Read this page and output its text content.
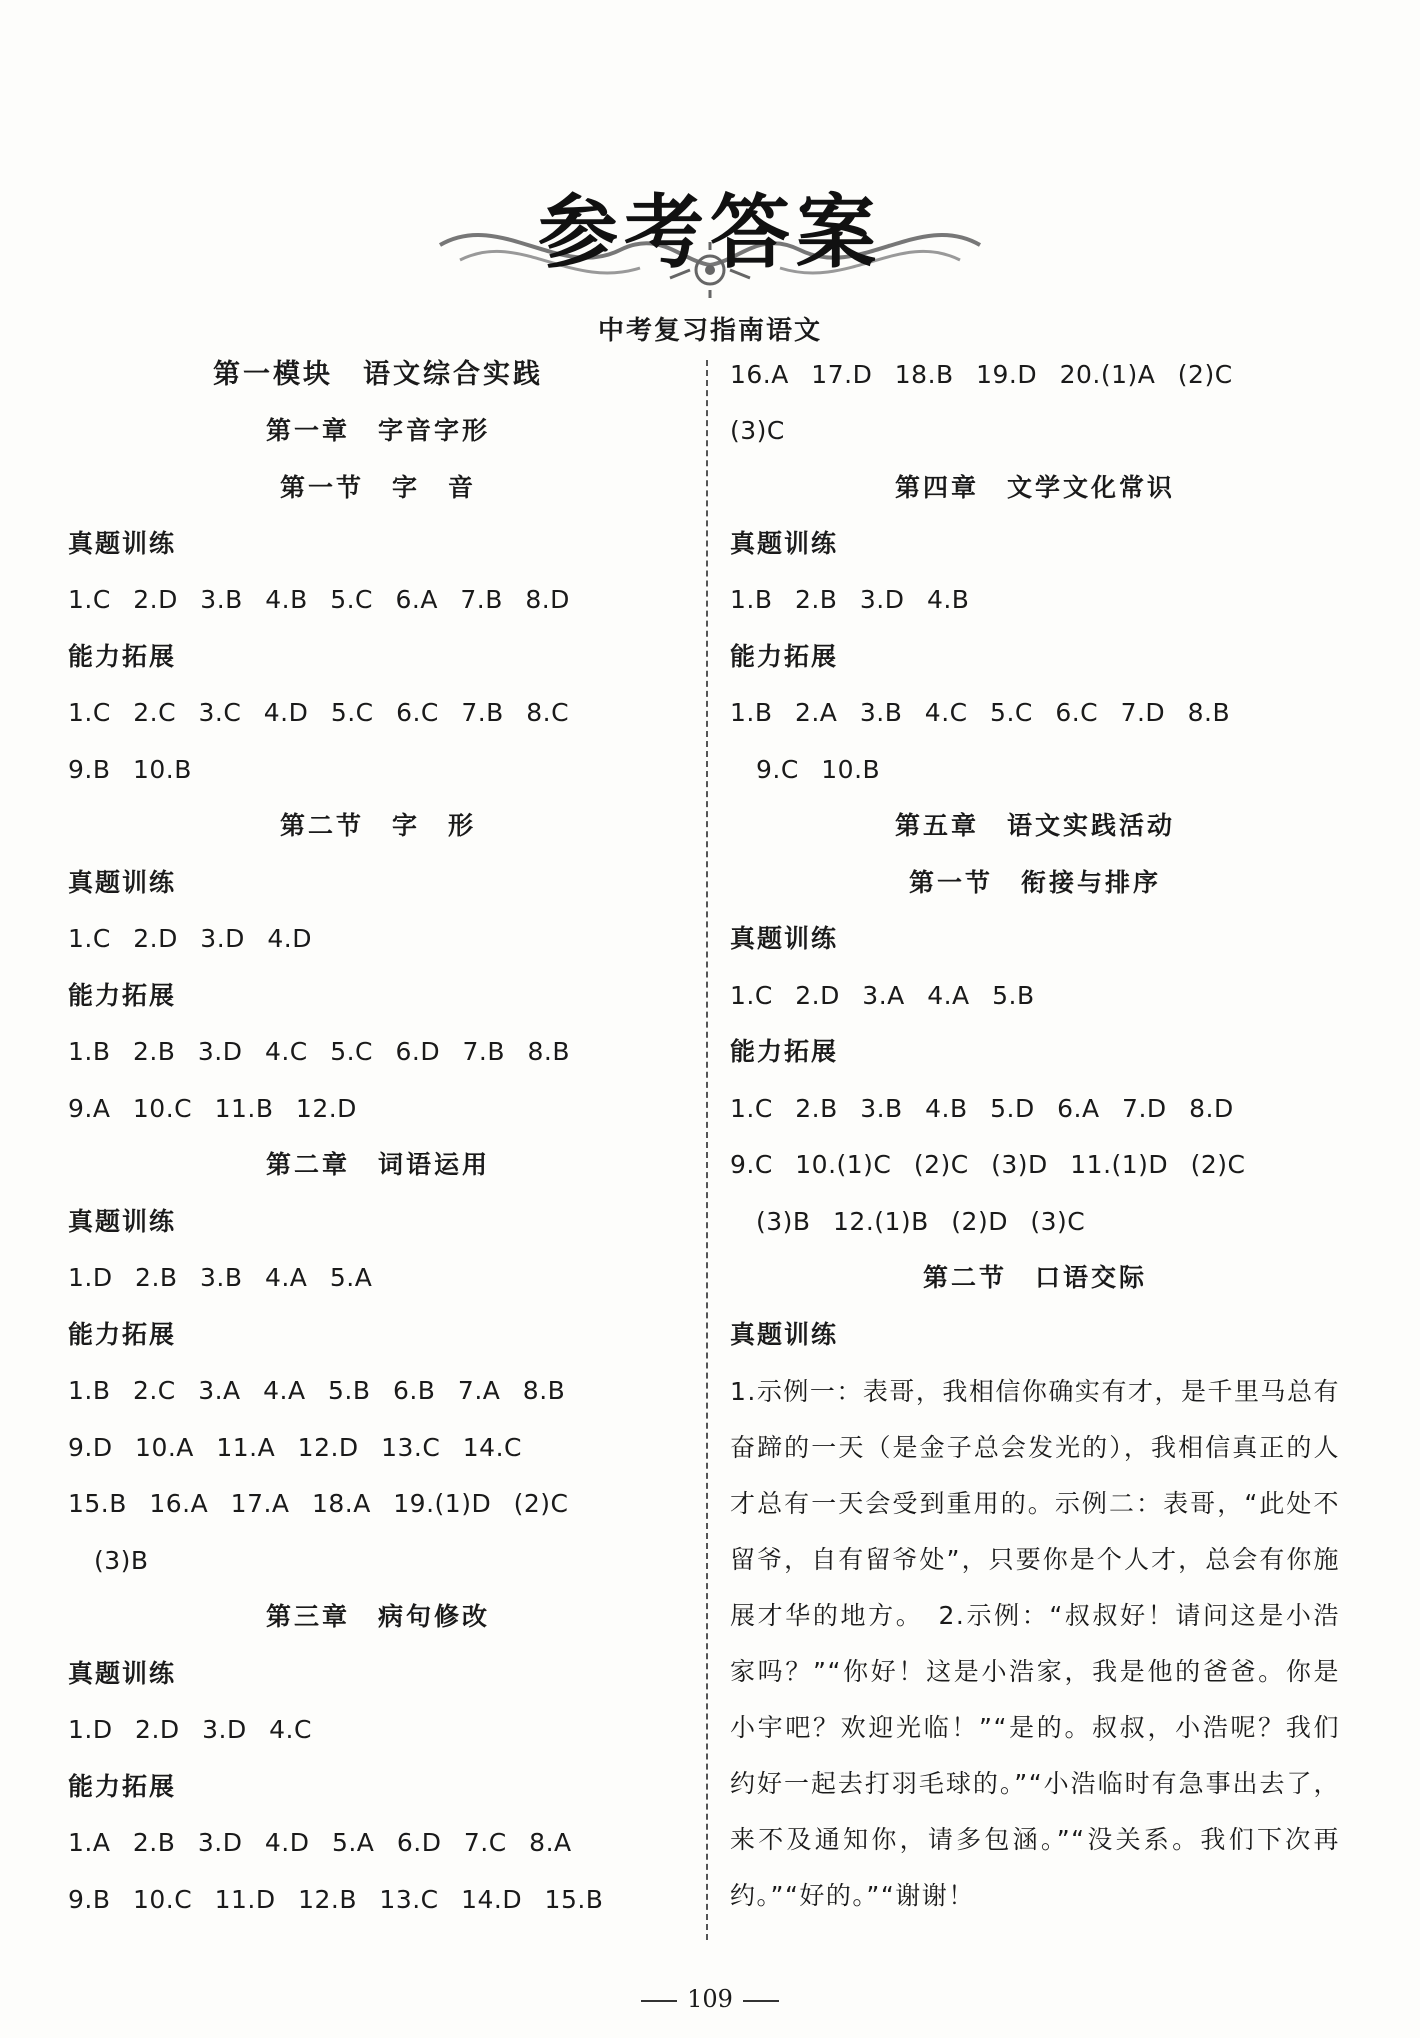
参考答案
中考复习指南语文
第一模块　语文综合实践
第一章　字音字形
第一节　字　音
真题训练
1.C 2.D 3.B 4.B 5.C 6.A 7.B 8.D
能力拓展
1.C 2.C 3.C 4.D 5.C 6.C 7.B 8.C
9.B 10.B
第二节　字　形
真题训练
1.C 2.D 3.D 4.D
能力拓展
1.B 2.B 3.D 4.C 5.C 6.D 7.B 8.B
9.A 10.C 11.B 12.D
第二章　词语运用
真题训练
1.D 2.B 3.B 4.A 5.A
能力拓展
1.B 2.C 3.A 4.A 5.B 6.B 7.A 8.B
9.D 10.A 11.A 12.D 13.C 14.C
15.B 16.A 17.A 18.A 19.(1)D (2)C
(3)B
第三章　病句修改
真题训练
1.D 2.D 3.D 4.C
能力拓展
1.A 2.B 3.D 4.D 5.A 6.D 7.C 8.A
9.B 10.C 11.D 12.B 13.C 14.D 15.B
16.A 17.D 18.B 19.D 20.(1)A (2)C
(3)C
第四章　文学文化常识
真题训练
1.B 2.B 3.D 4.B
能力拓展
1.B 2.A 3.B 4.C 5.C 6.C 7.D 8.B
9.C 10.B
第五章　语文实践活动
第一节　衔接与排序
真题训练
1.C 2.D 3.A 4.A 5.B
能力拓展
1.C 2.B 3.B 4.B 5.D 6.A 7.D 8.D
9.C 10.(1)C (2)C (3)D 11.(1)D (2)C
(3)B 12.(1)B (2)D (3)C
第二节　口语交际
真题训练
1.示例一：表哥，我相信你确实有才，是千里马总有奋蹄的一天（是金子总会发光的），我相信真正的人才总有一天会受到重用的。示例二：表哥，“此处不留爷，自有留爷处”，只要你是个人才，总会有你施展才华的地方。　2.示例：“叔叔好！请问这是小浩家吗？”“你好！这是小浩家，我是他的爸爸。你是小宇吧？欢迎光临！”“是的。叔叔，小浩呢？我们约好一起去打羽毛球的。”“小浩临时有急事出去了，来不及通知你，请多包涵。”“没关系。我们下次再约。”“好的。”“谢谢！
109
